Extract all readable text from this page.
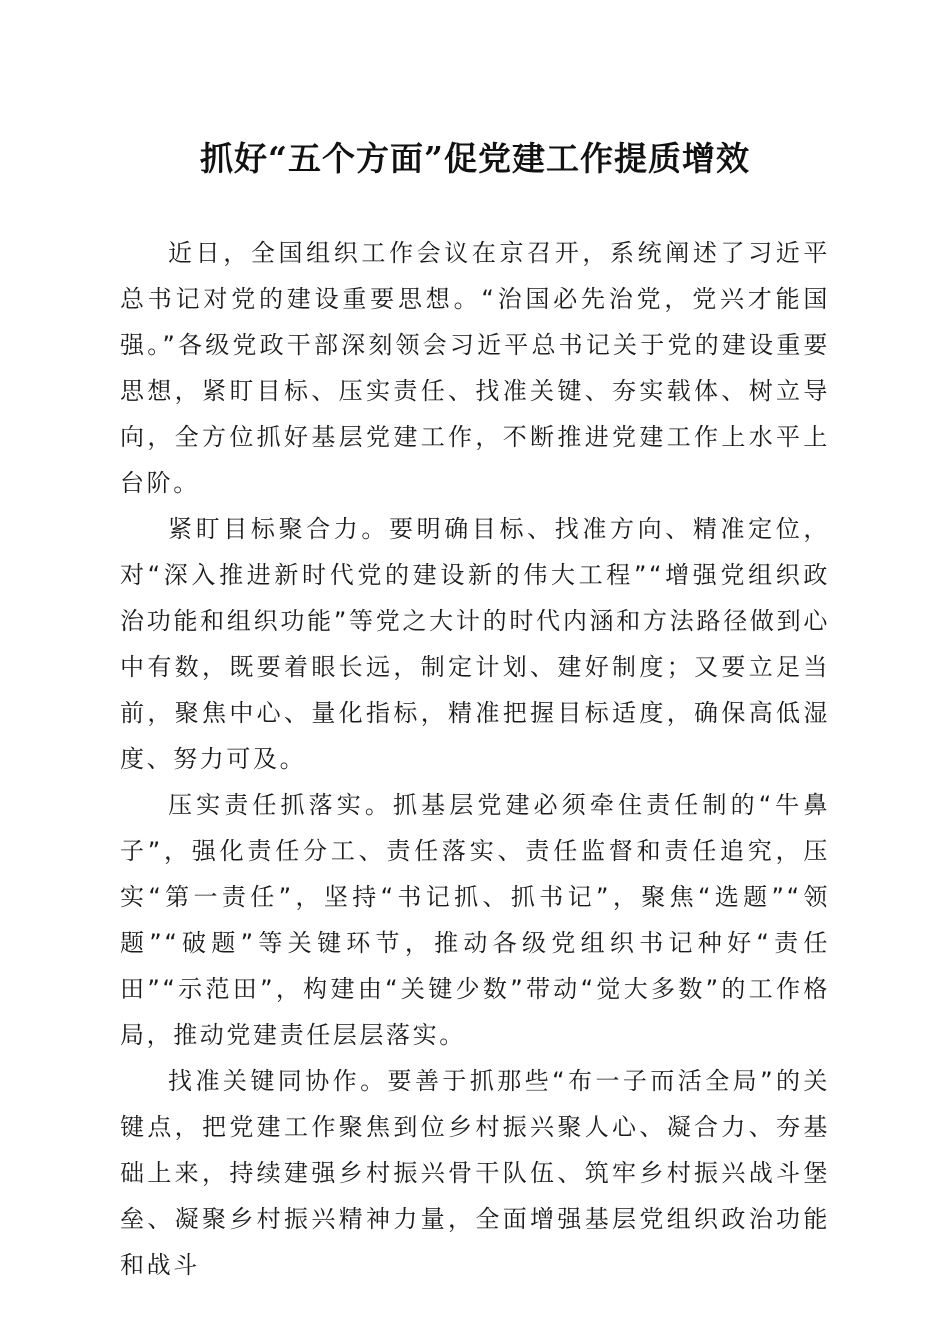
抓好“五个方面”促党建工作提质增效

近日，全国组织工作会议在京召开，系统阐述了习近平总书记对党的建设重要思想。“治国必先治党，党兴才能国强。”各级党政干部深刻领会习近平总书记关于党的建设重要思想，紧盯目标、压实责任、找准关键、夯实载体、树立导向，全方位抓好基层党建工作，不断推进党建工作上水平上台阶。

紧盯目标聚合力。要明确目标、找准方向、精准定位，对“深入推进新时代党的建设新的伟大工程”“增强党组织政治功能和组织功能”等党之大计的时代内涵和方法路径做到心中有数，既要着眼长远，制定计划、建好制度；又要立足当前，聚焦中心、量化指标，精准把握目标适度，确保高低湿度、努力可及。

压实责任抓落实。抓基层党建必须牵住责任制的“牛鼻子”，强化责任分工、责任落实、责任监督和责任追究，压实“第一责任”，坚持“书记抓、抓书记”，聚焦“选题”“领题”“破题”等关键环节，推动各级党组织书记种好“责任田”“示范田”，构建由“关键少数”带动“觉大多数”的工作格局，推动党建责任层层落实。

找准关键同协作。要善于抓那些“布一子而活全局”的关键点，把党建工作聚焦到位乡村振兴聚人心、凝合力、夯基础上来，持续建强乡村振兴骨干队伍、筑牢乡村振兴战斗堡垒、凝聚乡村振兴精神力量，全面增强基层党组织政治功能和战斗
